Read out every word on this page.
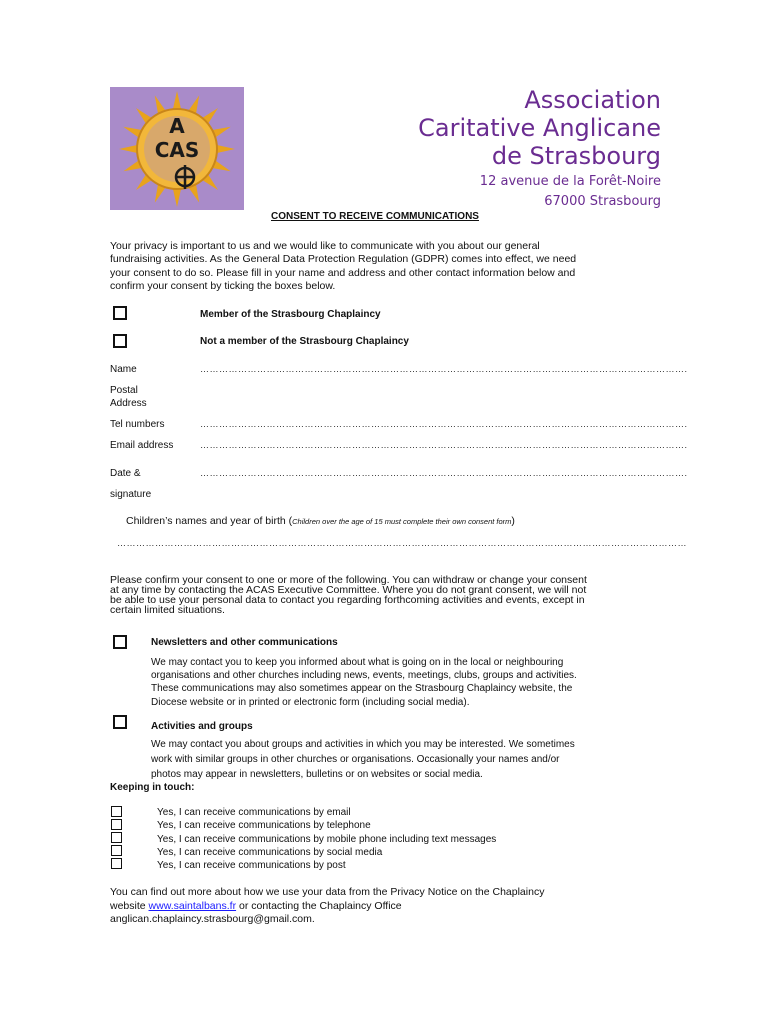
A CAS
Association
Caritative Anglicane
de Strasbourg
12 avenue de la Forêt-Noire
67000 Strasbourg
CONSENT TO RECEIVE COMMUNICATIONS
Your privacy is important to us and we would like to communicate with you about our general
fundraising activities. As the General Data Protection Regulation (GDPR) comes into effect, we need
your consent to do so. Please fill in your name and address and other contact information below and
confirm your consent by ticking the boxes below.
Member of the Strasbourg Chaplaincy
Not a member of the Strasbourg Chaplaincy
Name	……………………………………………………………………………………………………………………………………….
Postal
Address
Tel numbers	……………………………………………………………………………………………………………………………………….
Email address	……………………………………………………………………………………………………………………………………….
Date &	……………………………………………………………………………………………………………………………………….
signature
Children’s names and year of birth (Children over the age of 15 must complete their own consent form)
………………………………………………………………………………………………………………………………………………………………
Please confirm your consent to one or more of the following. You can withdraw or change your consent
at any time by contacting the ACAS Executive Committee. Where you do not grant consent, we will not
be able to use your personal data to contact you regarding forthcoming activities and events, except in
certain limited situations.
Newsletters and other communications
We may contact you to keep you informed about what is going on in the local or neighbouring
organisations and other churches including news, events, meetings, clubs, groups and activities.
These communications may also sometimes appear on the Strasbourg Chaplaincy website, the
Diocese website or in printed or electronic form (including social media).
Activities and groups
We may contact you about groups and activities in which you may be interested. We sometimes
work with similar groups in other churches or organisations. Occasionally your names and/or
photos may appear in newsletters, bulletins or on websites or social media.
Keeping in touch:
Yes, I can receive communications by email
Yes, I can receive communications by telephone
Yes, I can receive communications by mobile phone including text messages
Yes, I can receive communications by social media
Yes, I can receive communications by post
You can find out more about how we use your data from the Privacy Notice on the Chaplaincy
website www.saintalbans.fr or contacting the Chaplaincy Office
anglican.chaplaincy.strasbourg@gmail.com.
